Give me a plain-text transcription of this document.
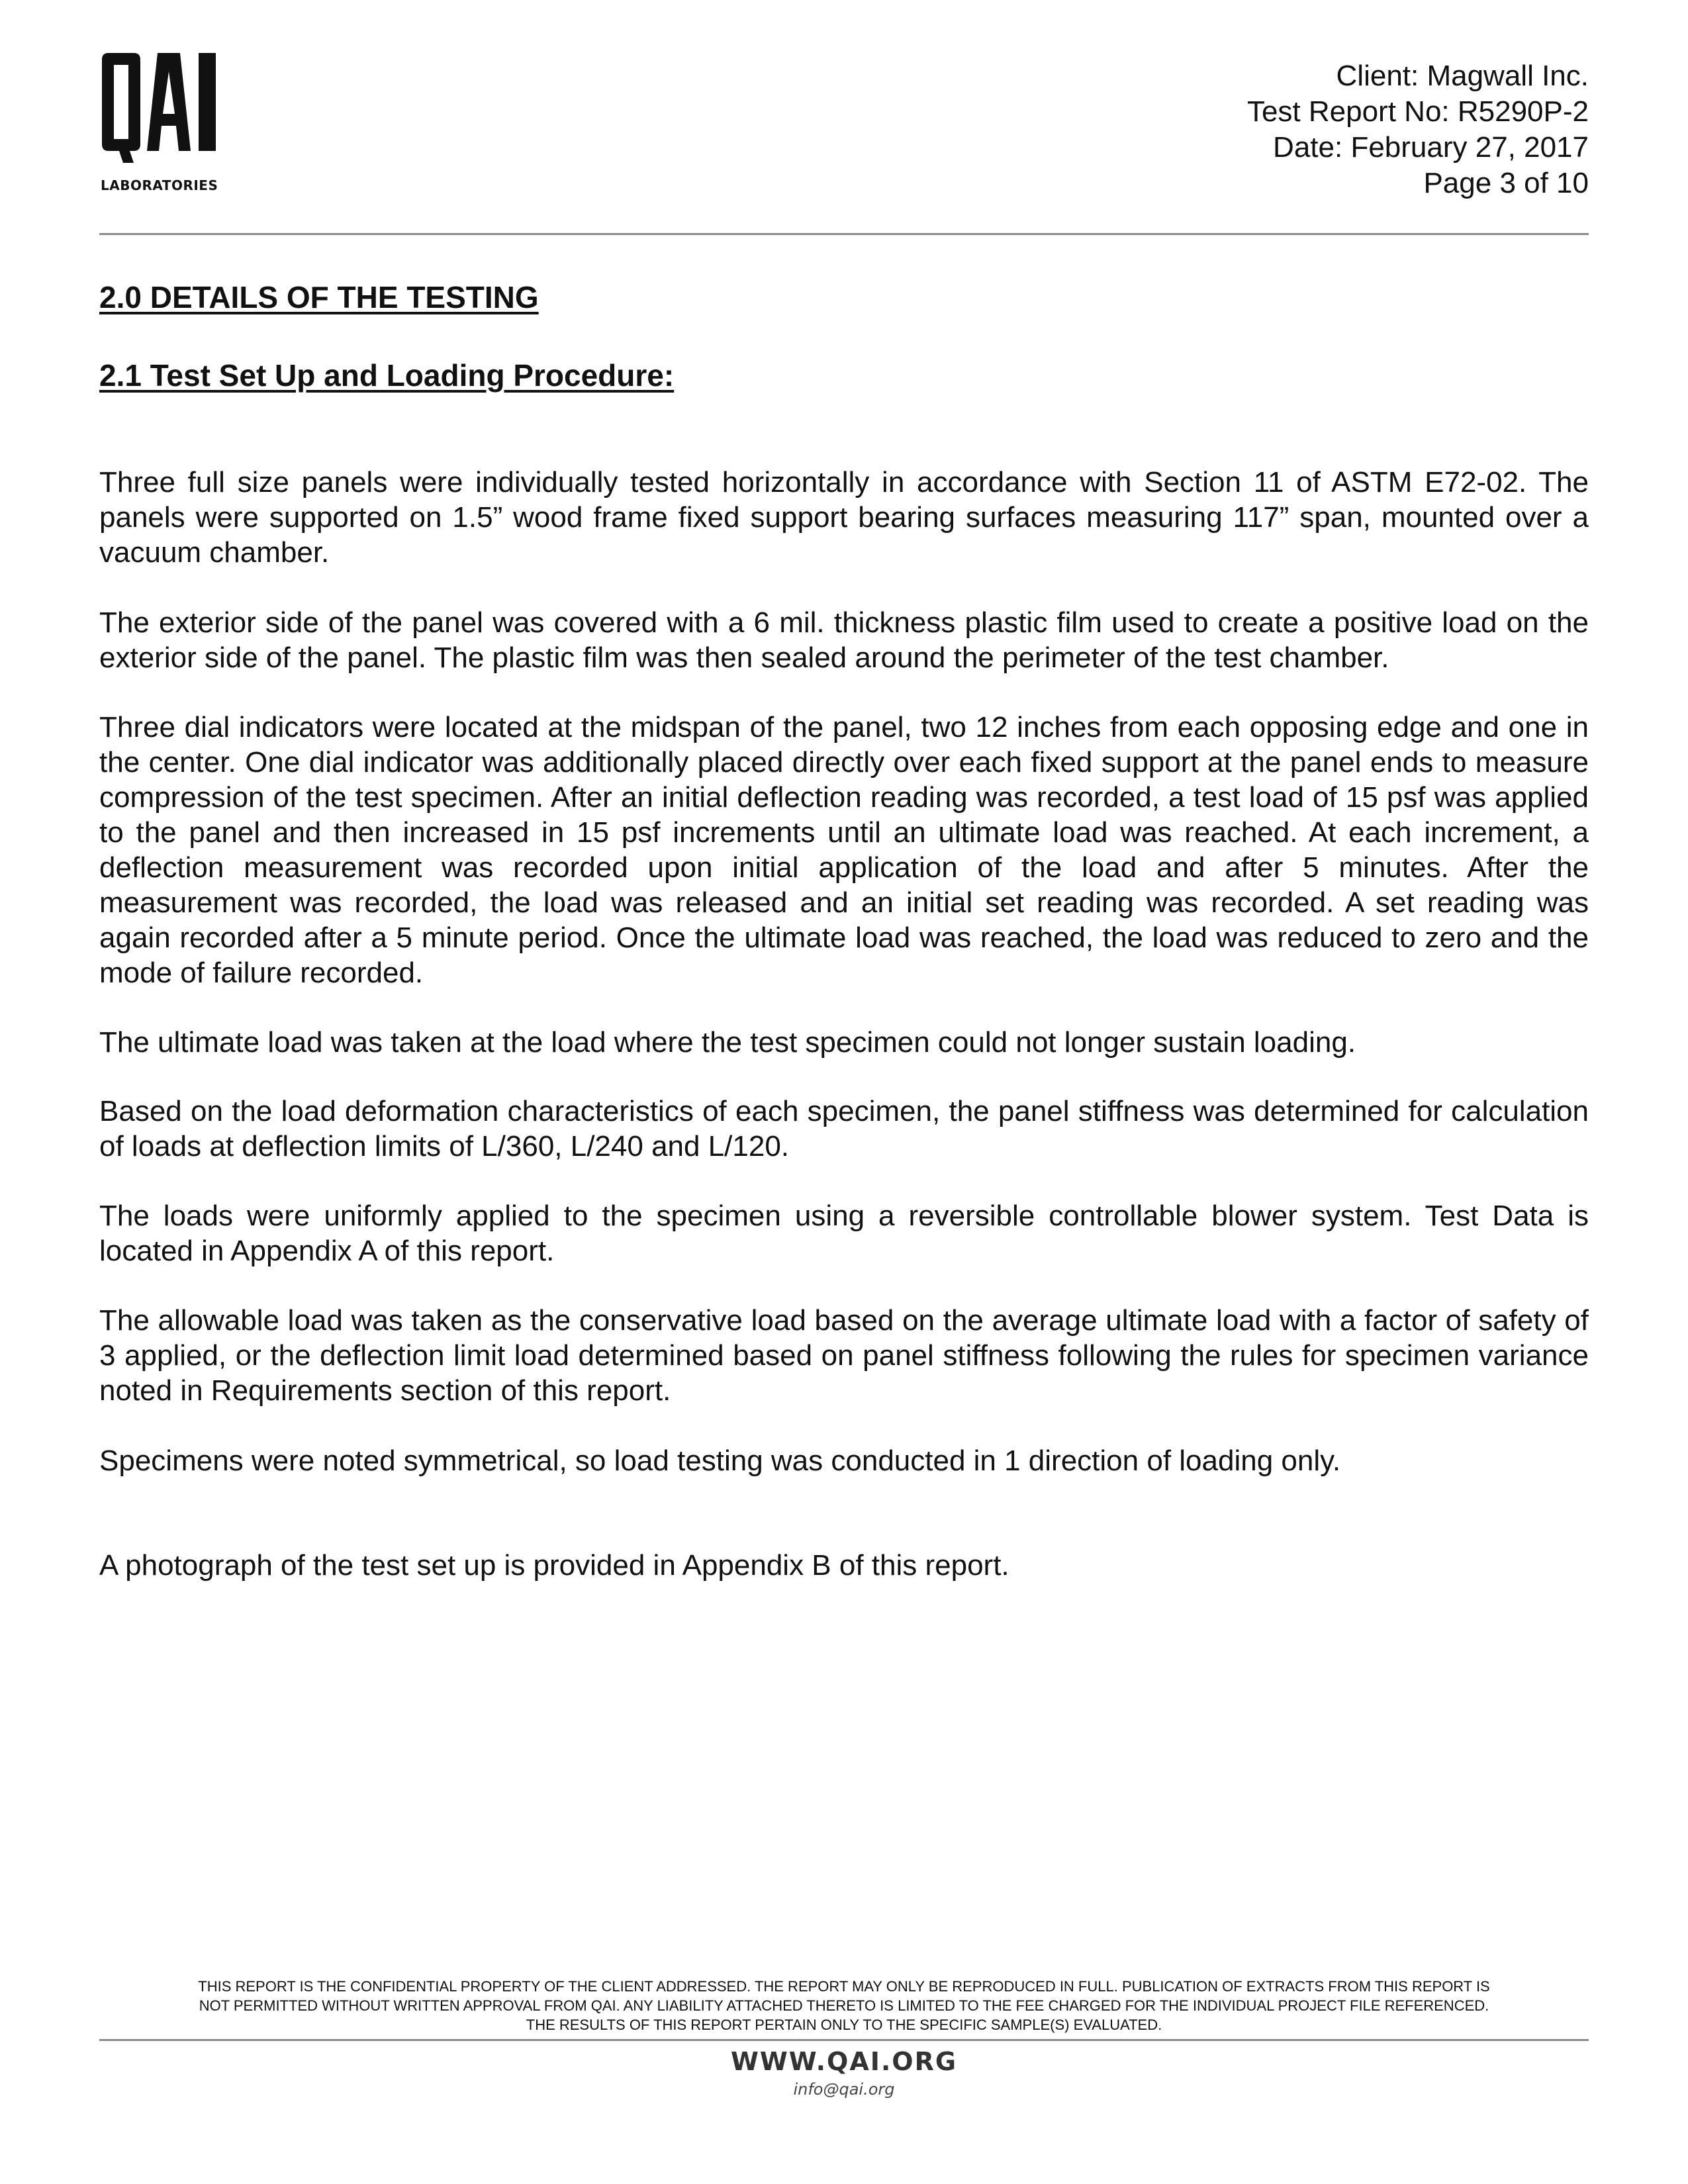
LABORATORIES
Client: Magwall Inc.
Test Report No: R5290P-2
Date: February 27, 2017
Page 3 of 10
2.0 DETAILS OF THE TESTING
2.1 Test Set Up and Loading Procedure:

Three full size panels were individually tested horizontally in accordance with Section 11 of ASTM E72-02. The panels were supported on 1.5” wood frame fixed support bearing surfaces measuring 117” span, mounted over a vacuum chamber.

The exterior side of the panel was covered with a 6 mil. thickness plastic film used to create a positive load on the exterior side of the panel. The plastic film was then sealed around the perimeter of the test chamber.

Three dial indicators were located at the midspan of the panel, two 12 inches from each opposing edge and one in the center. One dial indicator was additionally placed directly over each fixed support at the panel ends to measure compression of the test specimen. After an initial deflection reading was recorded, a test load of 15 psf was applied to the panel and then increased in 15 psf increments until an ultimate load was reached. At each increment, a deflection measurement was recorded upon initial application of the load and after 5 minutes. After the measurement was recorded, the load was released and an initial set reading was recorded. A set reading was again recorded after a 5 minute period. Once the ultimate load was reached, the load was reduced to zero and the mode of failure recorded.

The ultimate load was taken at the load where the test specimen could not longer sustain loading.

Based on the load deformation characteristics of each specimen, the panel stiffness was determined for calculation of loads at deflection limits of L/360, L/240 and L/120.

The loads were uniformly applied to the specimen using a reversible controllable blower system. Test Data is located in Appendix A of this report.

The allowable load was taken as the conservative load based on the average ultimate load with a factor of safety of 3 applied, or the deflection limit load determined based on panel stiffness following the rules for specimen variance noted in Requirements section of this report.

Specimens were noted symmetrical, so load testing was conducted in 1 direction of loading only.

A photograph of the test set up is provided in Appendix B of this report.

THIS REPORT IS THE CONFIDENTIAL PROPERTY OF THE CLIENT ADDRESSED. THE REPORT MAY ONLY BE REPRODUCED IN FULL. PUBLICATION OF EXTRACTS FROM THIS REPORT IS
NOT PERMITTED WITHOUT WRITTEN APPROVAL FROM QAI. ANY LIABILITY ATTACHED THERETO IS LIMITED TO THE FEE CHARGED FOR THE INDIVIDUAL PROJECT FILE REFERENCED.
THE RESULTS OF THIS REPORT PERTAIN ONLY TO THE SPECIFIC SAMPLE(S) EVALUATED.
WWW.QAI.ORG
info@qai.org
